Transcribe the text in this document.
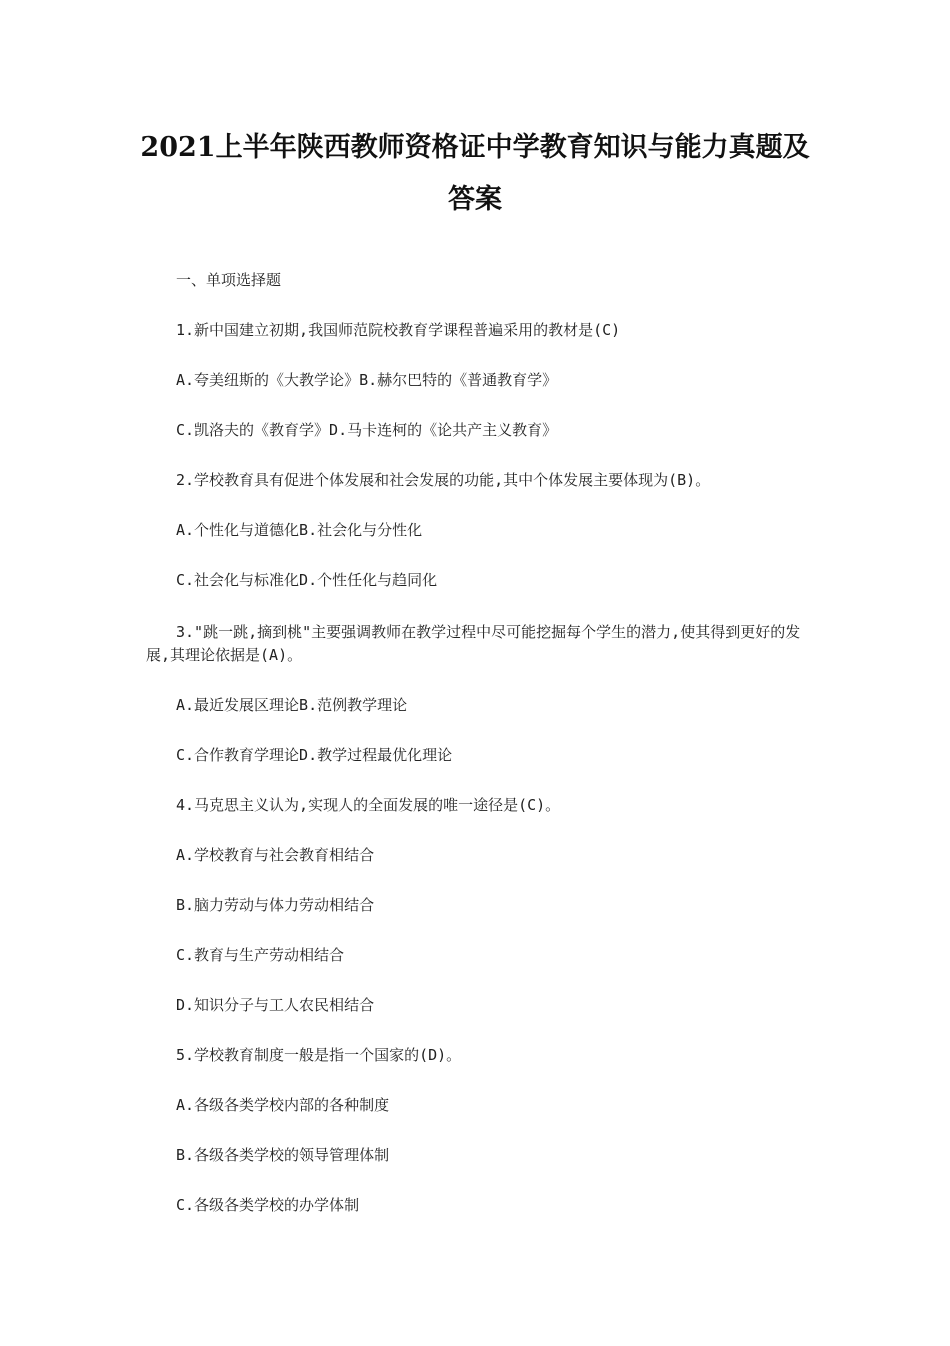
2021上半年陕西教师资格证中学教育知识与能力真题及答案

一、单项选择题

1.新中国建立初期,我国师范院校教育学课程普遍采用的教材是(C)

A.夸美纽斯的《大教学论》B.赫尔巴特的《普通教育学》

C.凯洛夫的《教育学》D.马卡连柯的《论共产主义教育》

2.学校教育具有促进个体发展和社会发展的功能,其中个体发展主要体现为(B)。

A.个性化与道德化B.社会化与分性化

C.社会化与标准化D.个性任化与趋同化

3."跳一跳,摘到桃"主要强调教师在教学过程中尽可能挖掘每个学生的潜力,使其得到更好的发展,其理论依据是(A)。

A.最近发展区理论B.范例教学理论

C.合作教育学理论D.教学过程最优化理论

4.马克思主义认为,实现人的全面发展的唯一途径是(C)。

A.学校教育与社会教育相结合

B.脑力劳动与体力劳动相结合

C.教育与生产劳动相结合

D.知识分子与工人农民相结合

5.学校教育制度一般是指一个国家的(D)。

A.各级各类学校内部的各种制度

B.各级各类学校的领导管理体制

C.各级各类学校的办学体制
